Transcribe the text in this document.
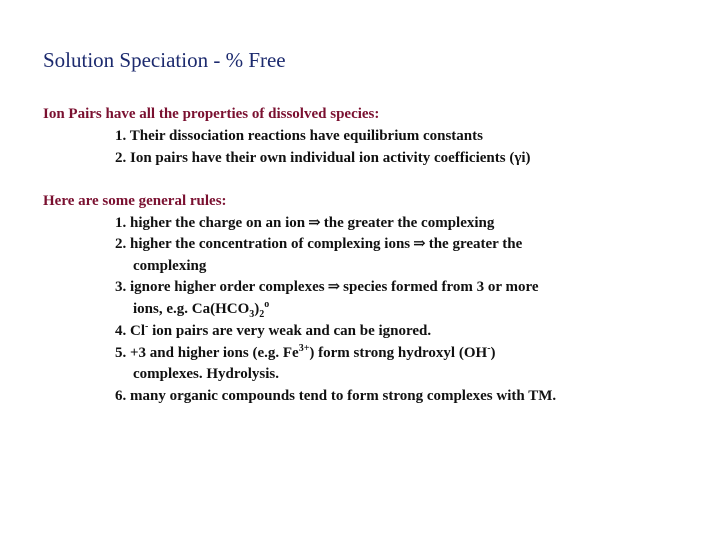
Solution Speciation - % Free
Ion Pairs have all the properties of dissolved species:
1. Their dissociation reactions have equilibrium constants
2. Ion pairs have their own individual ion activity coefficients (γi)
Here are some general rules:
1. higher the charge on an ion ⇒ the greater the complexing
2. higher the concentration of complexing ions ⇒ the greater the
complexing
3. ignore higher order complexes ⇒ species formed from 3 or more
ions, e.g. $Ca(HCO_3)_2^o$
4. Cl- ion pairs are very weak and can be ignored.
5. +3 and higher ions (e.g. $Fe^{3+}$) form strong hydroxyl (OH-)
complexes. Hydrolysis.
6. many organic compounds tend to form strong complexes with TM.
